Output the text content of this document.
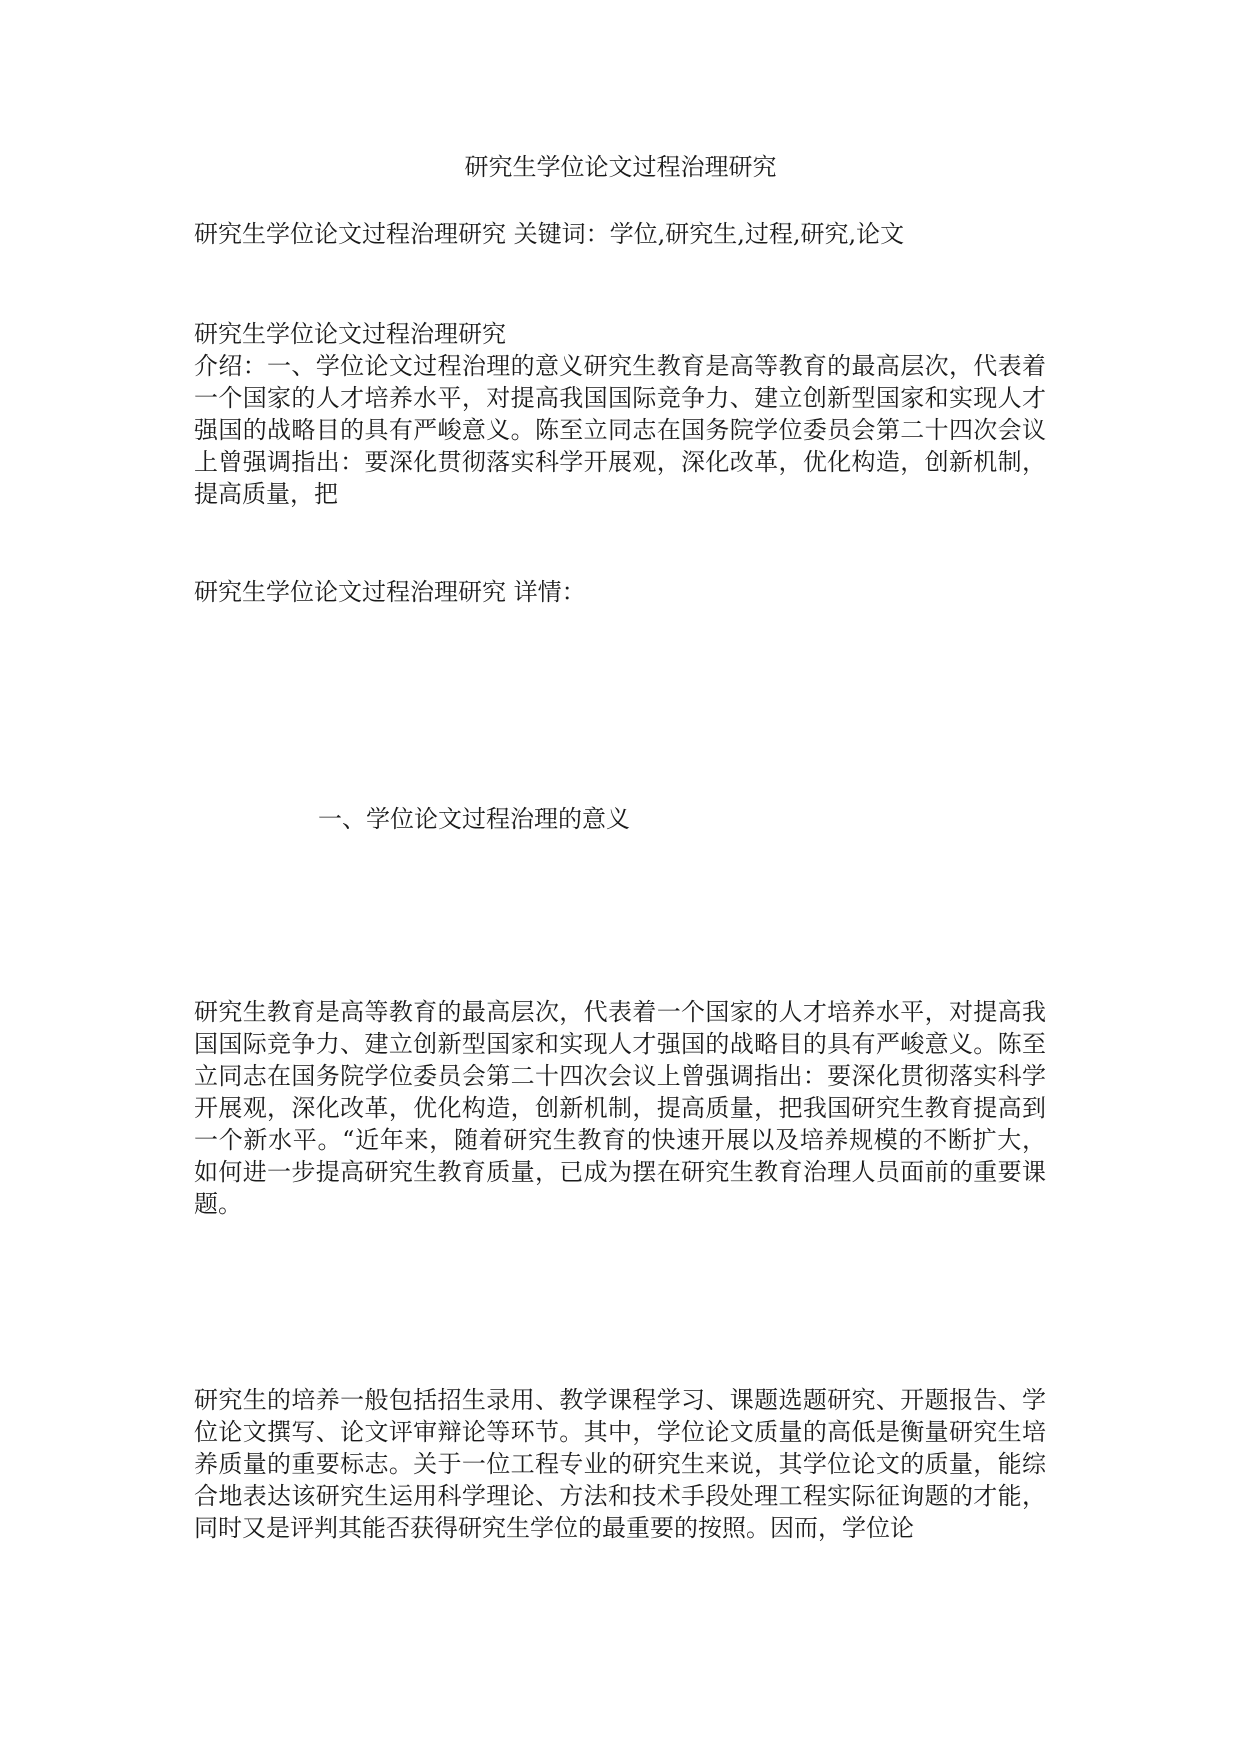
研究生学位论文过程治理研究
研究生学位论文过程治理研究 关键词：学位,研究生,过程,研究,论文
研究生学位论文过程治理研究
介绍：一、学位论文过程治理的意义研究生教育是高等教育的最高层次，代表着一个国家的人才培养水平，对提高我国国际竞争力、建立创新型国家和实现人才强国的战略目的具有严峻意义。陈至立同志在国务院学位委员会第二十四次会议上曾强调指出：要深化贯彻落实科学开展观，深化改革，优化构造，创新机制，提高质量，把
研究生学位论文过程治理研究 详情：
一、学位论文过程治理的意义
研究生教育是高等教育的最高层次，代表着一个国家的人才培养水平，对提高我国国际竞争力、建立创新型国家和实现人才强国的战略目的具有严峻意义。陈至立同志在国务院学位委员会第二十四次会议上曾强调指出：要深化贯彻落实科学开展观，深化改革，优化构造，创新机制，提高质量，把我国研究生教育提高到一个新水平。“近年来，随着研究生教育的快速开展以及培养规模的不断扩大，如何进一步提高研究生教育质量，已成为摆在研究生教育治理人员面前的重要课题。
研究生的培养一般包括招生录用、教学课程学习、课题选题研究、开题报告、学位论文撰写、论文评审辩论等环节。其中，学位论文质量的高低是衡量研究生培养质量的重要标志。关于一位工程专业的研究生来说，其学位论文的质量，能综合地表达该研究生运用科学理论、方法和技术手段处理工程实际征询题的才能，同时又是评判其能否获得研究生学位的最重要的按照。因而，学位论
